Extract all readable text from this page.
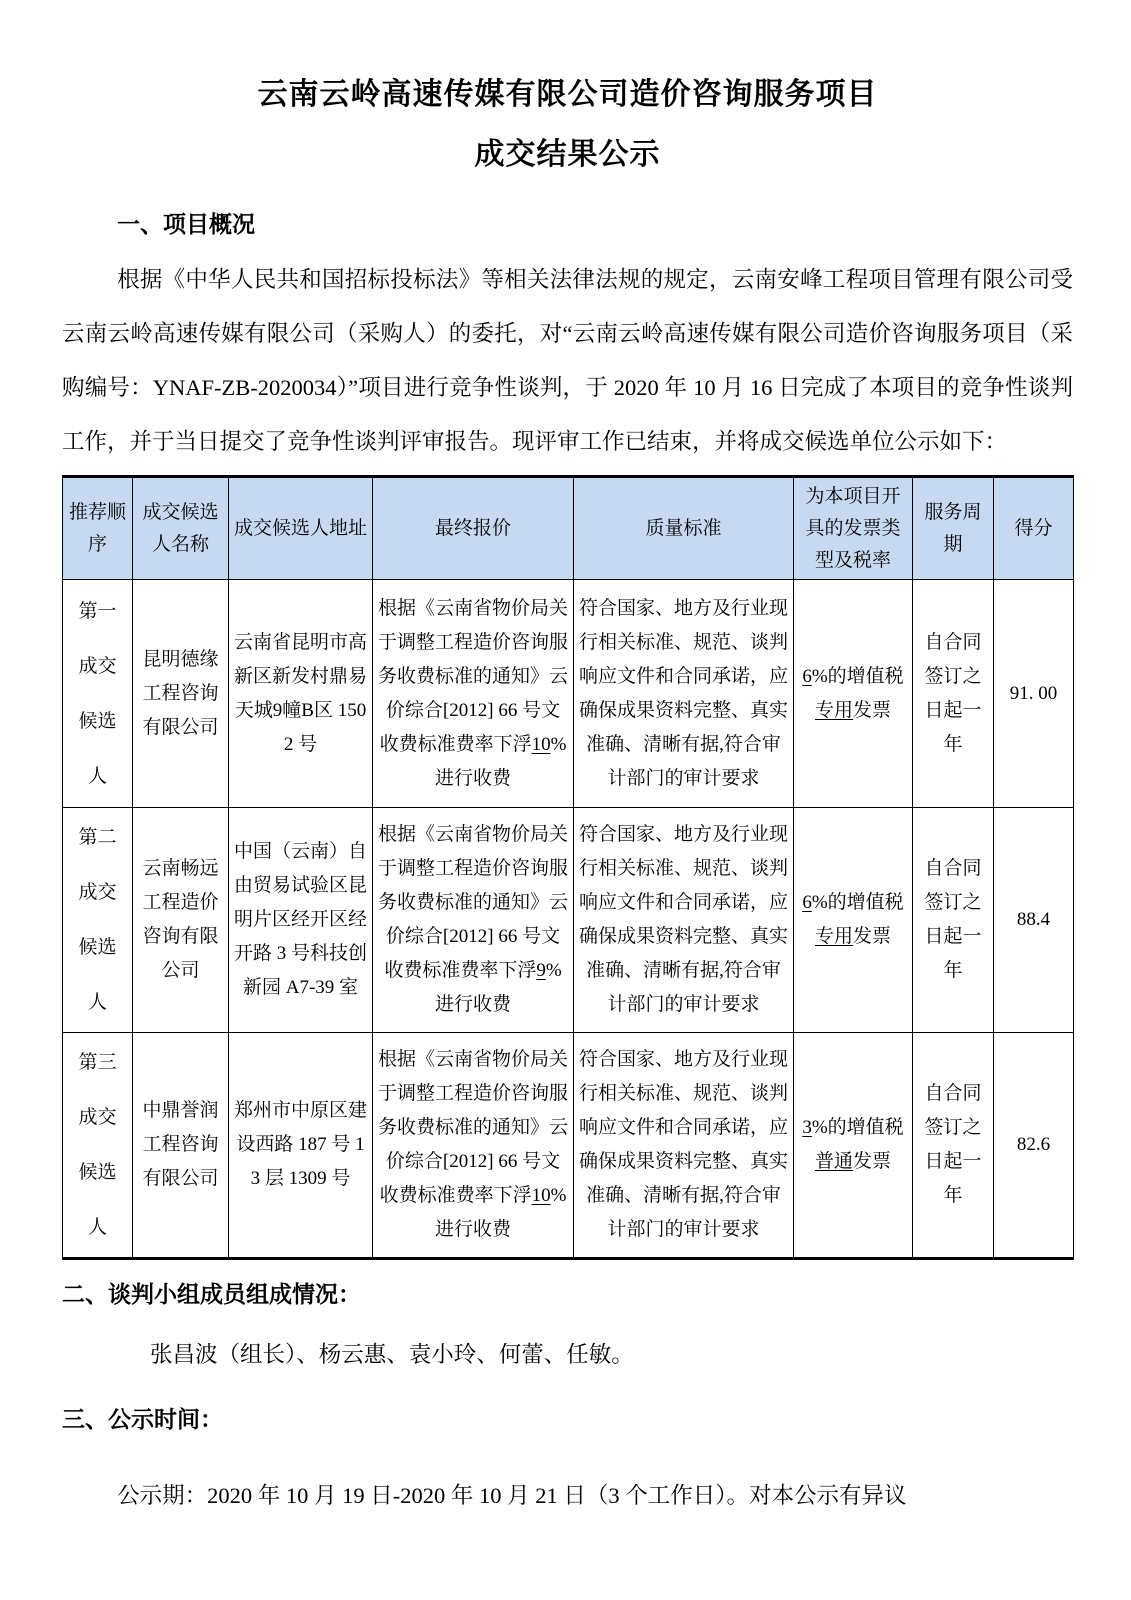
云南云岭高速传媒有限公司造价咨询服务项目
成交结果公示

一、项目概况

根据《中华人民共和国招标投标法》等相关法律法规的规定，云南安峰工程项目管理有限公司受云南云岭高速传媒有限公司（采购人）的委托，对“云南云岭高速传媒有限公司造价咨询服务项目（采购编号：YNAF-ZB-2020034）”项目进行竞争性谈判，于 2020 年 10 月 16 日完成了本项目的竞争性谈判工作，并于当日提交了竞争性谈判评审报告。现评审工作已结束，并将成交候选单位公示如下：

推荐顺序	成交候选人名称	成交候选人地址	最终报价	质量标准	为本项目开具的发票类型及税率	服务周期	得分

第一
成交
候选
人	昆明德缘工程咨询有限公司	云南省昆明市高新区新发村鼎易天城9幢B区 1502 号	根据《云南省物价局关于调整工程造价咨询服务收费标准的通知》云价综合[2012] 66 号文收费标准费率下浮10%进行收费	符合国家、地方及行业现行相关标准、规范、谈判响应文件和合同承诺，应确保成果资料完整、真实准确、清晰有据,符合审计部门的审计要求	6%的增值税专用发票	自合同签订之日起一年	91. 00

第二
成交
候选
人	云南畅远工程造价咨询有限公司	中国（云南）自由贸易试验区昆明片区经开区经开路 3 号科技创新园 A7-39 室	根据《云南省物价局关于调整工程造价咨询服务收费标准的通知》云价综合[2012] 66 号文收费标准费率下浮9%进行收费	符合国家、地方及行业现行相关标准、规范、谈判响应文件和合同承诺，应确保成果资料完整、真实准确、清晰有据,符合审计部门的审计要求	6%的增值税专用发票	自合同签订之日起一年	88.4

第三
成交
候选
人	中鼎誉润工程咨询有限公司	郑州市中原区建设西路 187 号 13 层 1309 号	根据《云南省物价局关于调整工程造价咨询服务收费标准的通知》云价综合[2012] 66 号文收费标准费率下浮10%进行收费	符合国家、地方及行业现行相关标准、规范、谈判响应文件和合同承诺，应确保成果资料完整、真实准确、清晰有据,符合审计部门的审计要求	3%的增值税普通发票	自合同签订之日起一年	82.6

二、谈判小组成员组成情况：

张昌波（组长）、杨云惠、袁小玲、何蕾、任敏。

三、公示时间：

公示期：2020 年 10 月 19 日-2020 年 10 月 21 日（3 个工作日）。对本公示有异议
